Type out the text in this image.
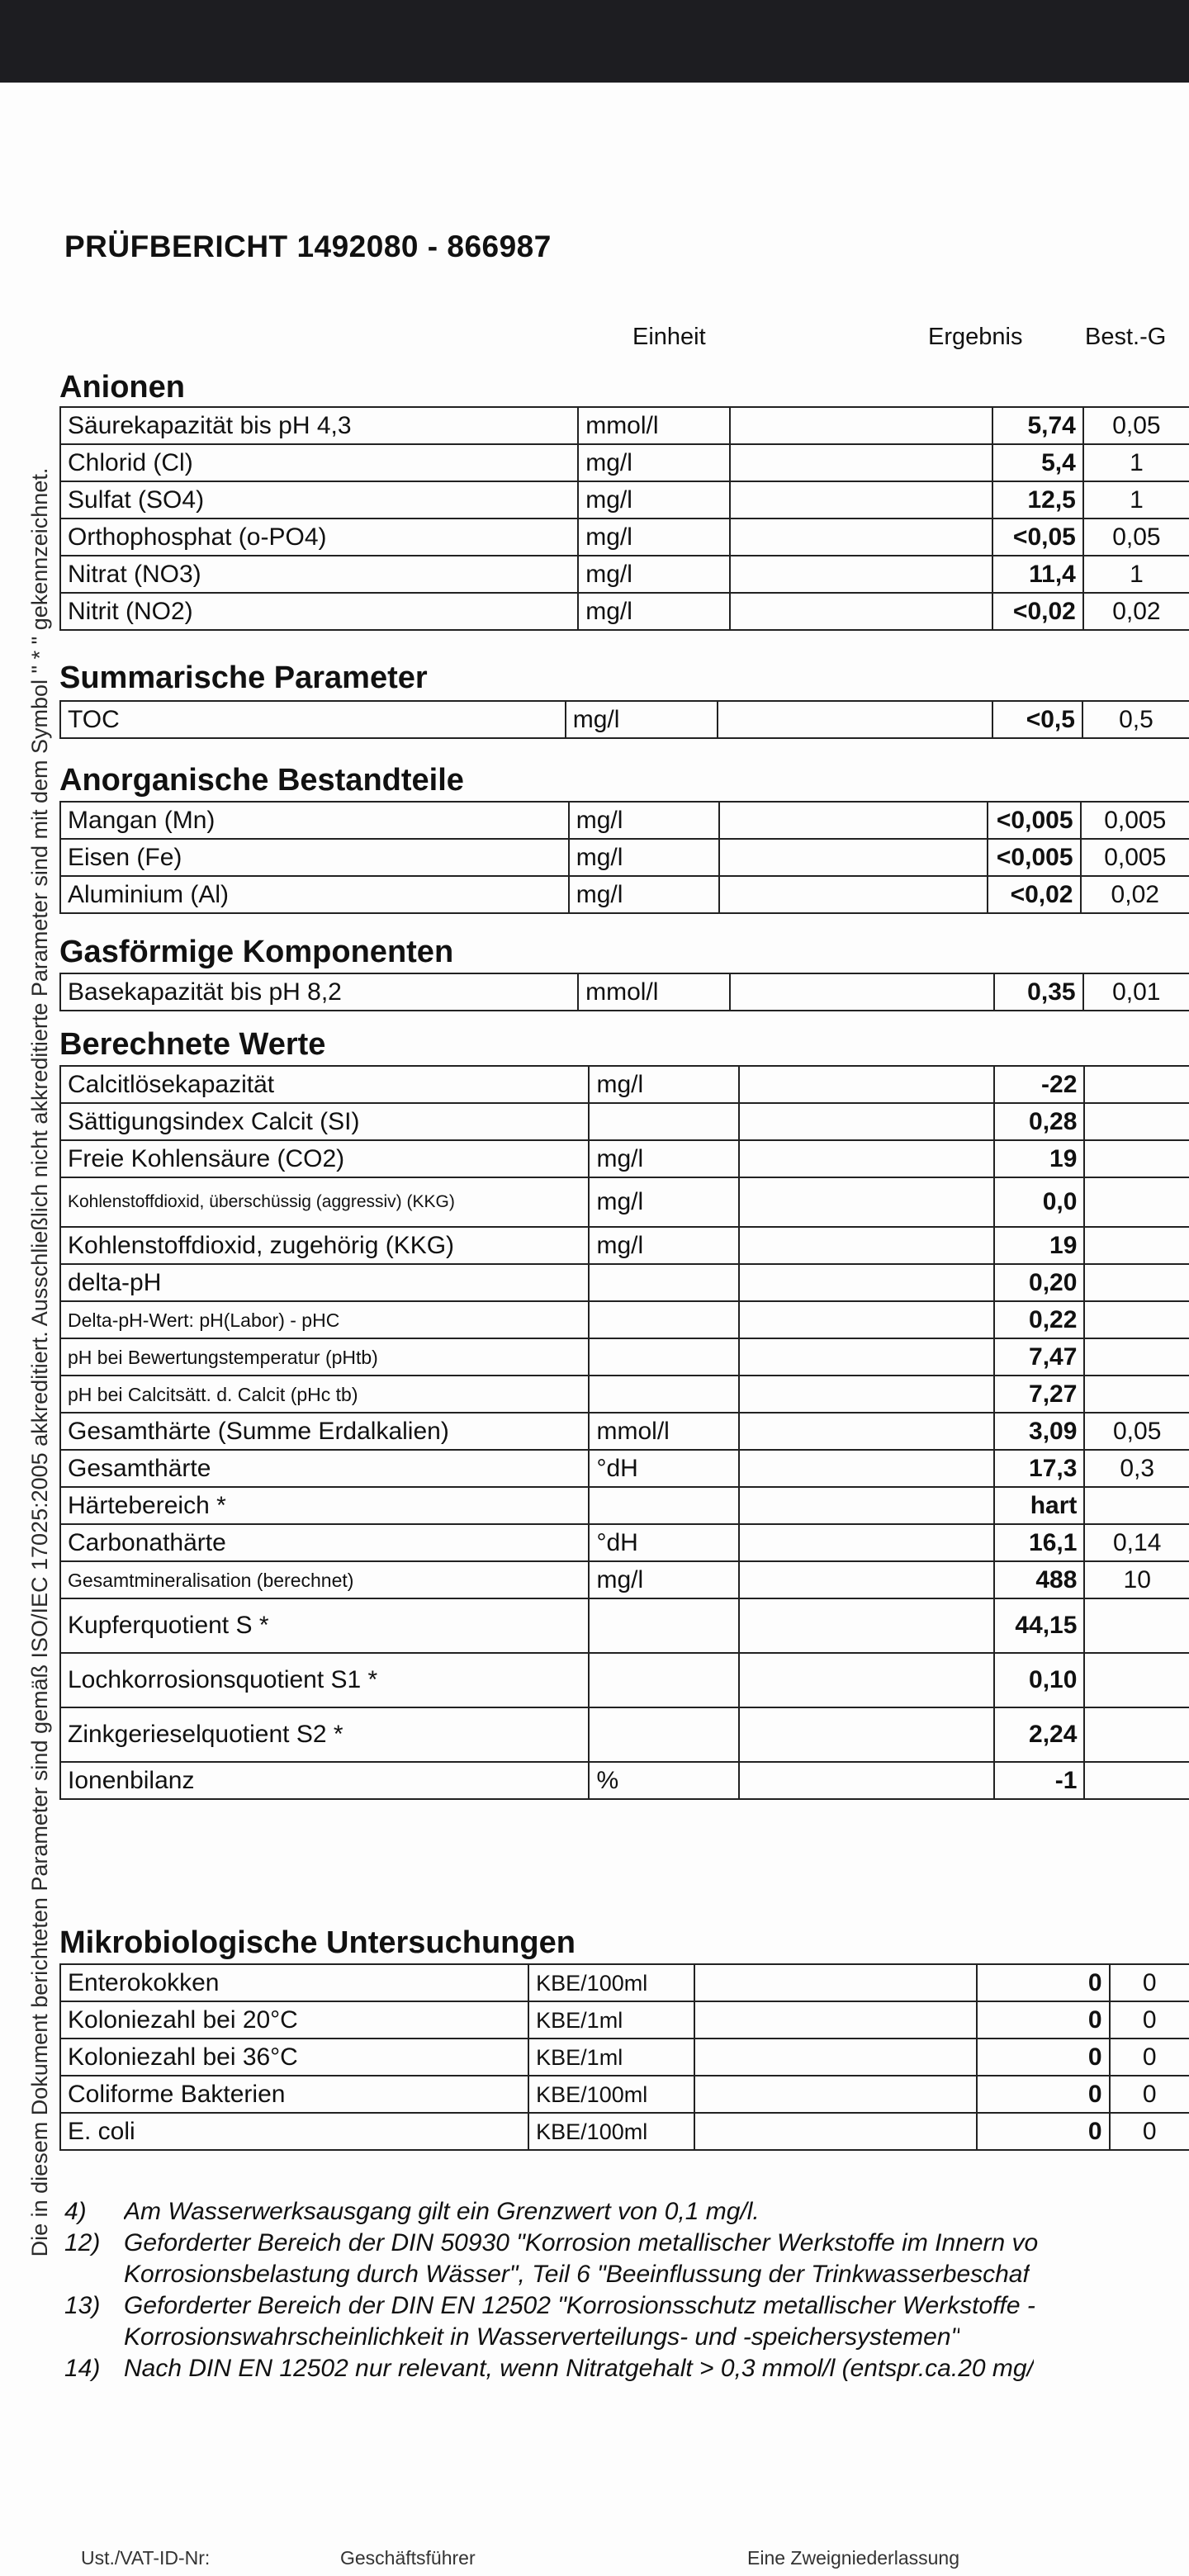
Die in diesem Dokument berichteten Parameter sind gemäß ISO/IEC 17025:2005 akkreditiert. Ausschließlich nicht akkreditierte Parameter sind mit dem Symbol " * " gekennzeichnet.
PRÜFBERICHT 1492080 - 866987
Einheit	Ergebnis	Best.-G
Anionen
Säurekapazität bis pH 4,3	mmol/l		5,74	0,05
Chlorid (Cl)	mg/l		5,4	1
Sulfat (SO4)	mg/l		12,5	1
Orthophosphat (o-PO4)	mg/l		<0,05	0,05
Nitrat (NO3)	mg/l		11,4	1
Nitrit (NO2)	mg/l		<0,02	0,02
Summarische Parameter
TOC	mg/l		<0,5	0,5
Anorganische Bestandteile
Mangan (Mn)	mg/l		<0,005	0,005
Eisen (Fe)	mg/l		<0,005	0,005
Aluminium (Al)	mg/l		<0,02	0,02
Gasförmige Komponenten
Basekapazität bis pH 8,2	mmol/l		0,35	0,01
Berechnete Werte
Calcitlösekapazität	mg/l		-22	
Sättigungsindex Calcit (SI)			0,28	
Freie Kohlensäure (CO2)	mg/l		19	
Kohlenstoffdioxid, überschüssig (aggressiv) (KKG)	mg/l		0,0	
Kohlenstoffdioxid, zugehörig (KKG)	mg/l		19	
delta-pH			0,20	
Delta-pH-Wert: pH(Labor) - pHC			0,22	
pH bei Bewertungstemperatur (pHtb)			7,47	
pH bei Calcitsätt. d. Calcit (pHc tb)			7,27	
Gesamthärte (Summe Erdalkalien)	mmol/l		3,09	0,05
Gesamthärte	°dH		17,3	0,3
Härtebereich *			hart	
Carbonathärte	°dH		16,1	0,14
Gesamtmineralisation (berechnet)	mg/l		488	10
Kupferquotient S *			44,15	
Lochkorrosionsquotient S1 *			0,10	
Zinkgerieselquotient S2 *			2,24	
Ionenbilanz	%		-1	
Mikrobiologische Untersuchungen
Enterokokken	KBE/100ml		0	0
Koloniezahl bei 20°C	KBE/1ml		0	0
Koloniezahl bei 36°C	KBE/1ml		0	0
Coliforme Bakterien	KBE/100ml		0	0
E. coli	KBE/100ml		0	0
4)	Am Wasserwerksausgang gilt ein Grenzwert von 0,1 mg/l.
12) Geforderter Bereich der DIN 50930 "Korrosion metallischer Werkstoffe im Innern vo
Korrosionsbelastung durch Wässer", Teil 6 "Beeinflussung der Trinkwasserbeschaf
13) Geforderter Bereich der DIN EN 12502 "Korrosionsschutz metallischer Werkstoffe -
Korrosionswahrscheinlichkeit in Wasserverteilungs- und -speichersystemen"
14) Nach DIN EN 12502 nur relevant, wenn Nitratgehalt > 0,3 mmol/l (entspr.ca.20 mg/
Ust./VAT-ID-Nr:	Geschäftsführer	Eine Zweigniederlassung
